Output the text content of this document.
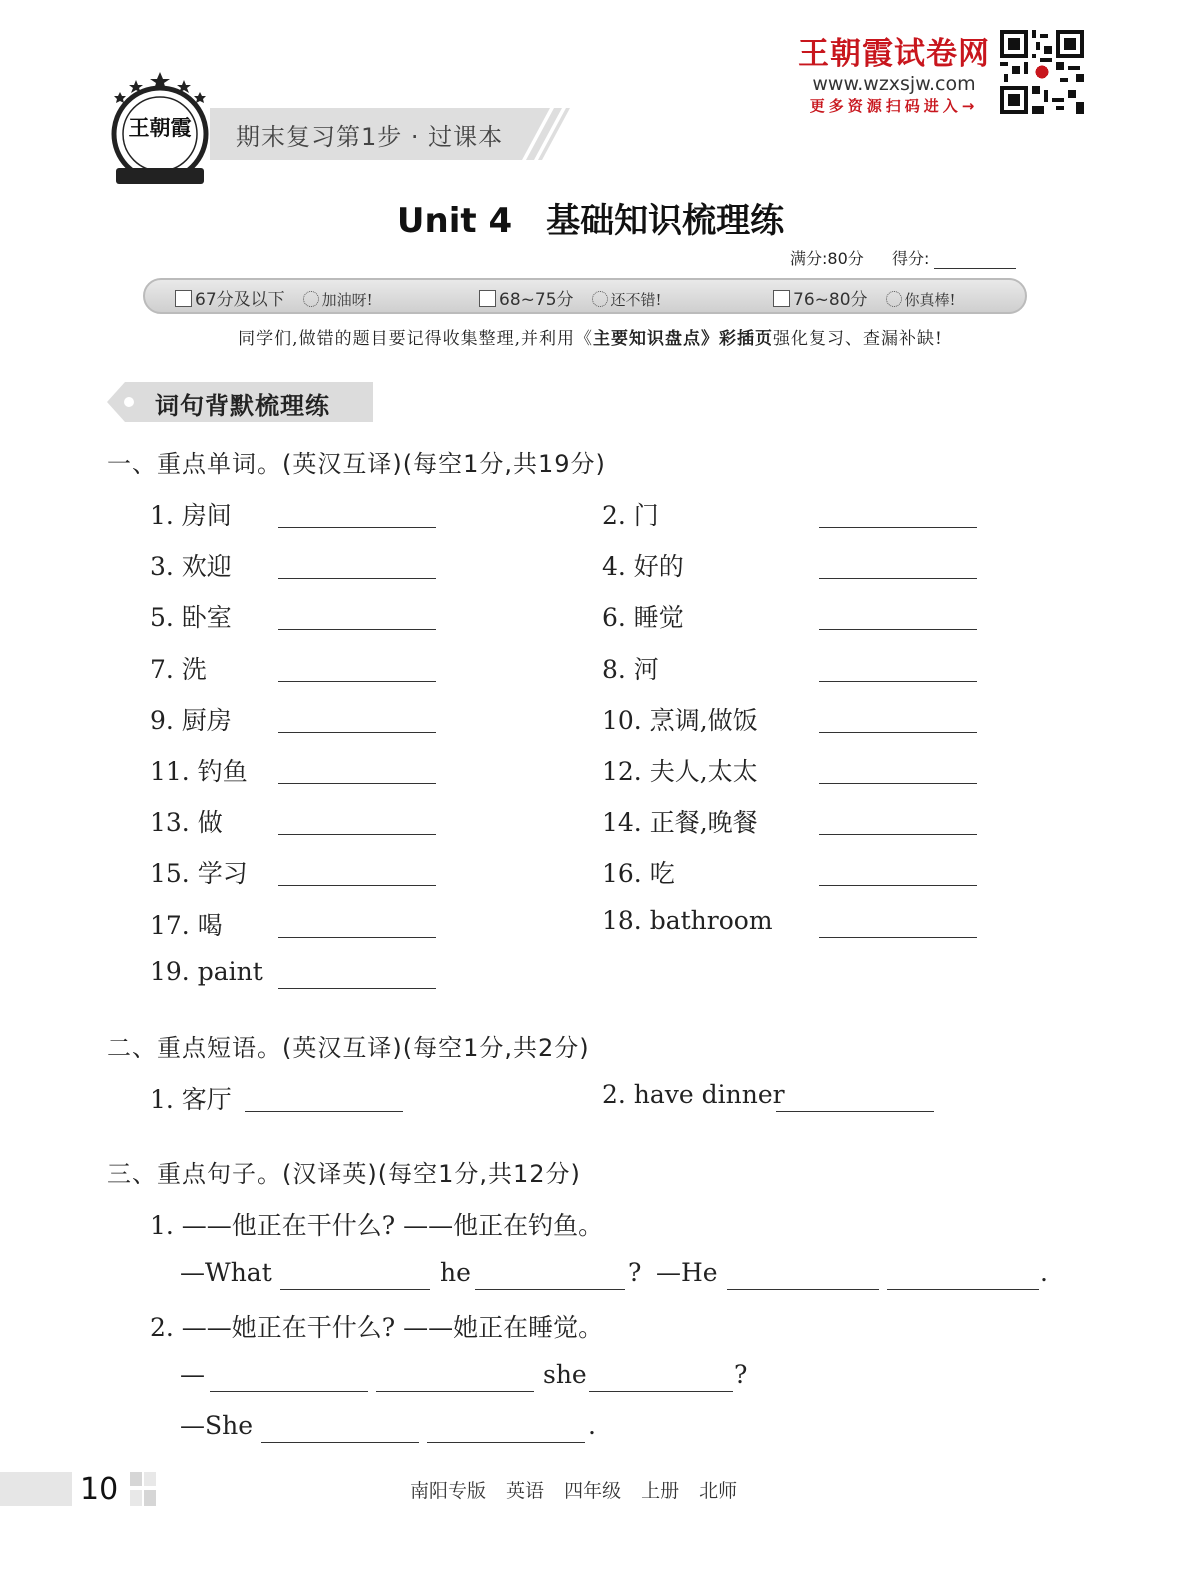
王朝霞	期末复习第1步 · 过课本
王朝霞试卷网
www.wzxsjw.com
更多资源扫码进入→
Unit 4　基础知识梳理练
满分:80分 得分:
67分及以下 加油呀!	68~75分 还不错!	76~80分 你真棒!
同学们,做错的题目要记得收集整理,并利用《主要知识盘点》彩插页强化复习、查漏补缺!
词句背默梳理练
一、重点单词。(英汉互译)(每空1分,共19分)
1. 房间	2. 门
3. 欢迎	4. 好的
5. 卧室	6. 睡觉
7. 洗	8. 河
9. 厨房	10. 烹调,做饭
11. 钓鱼	12. 夫人,太太
13. 做	14. 正餐,晚餐
15. 学习	16. 吃
17. 喝	18. bathroom
19. paint
二、重点短语。(英汉互译)(每空1分,共2分)
1. 客厅	2. have dinner
三、重点句子。(汉译英)(每空1分,共12分)
1. ——他正在干什么? ——他正在钓鱼。
—What	he	? —He	.
2. ——她正在干什么? ——她正在睡觉。
—	she	?
—She	.
10	南阳专版 英语 四年级 上册 北师
